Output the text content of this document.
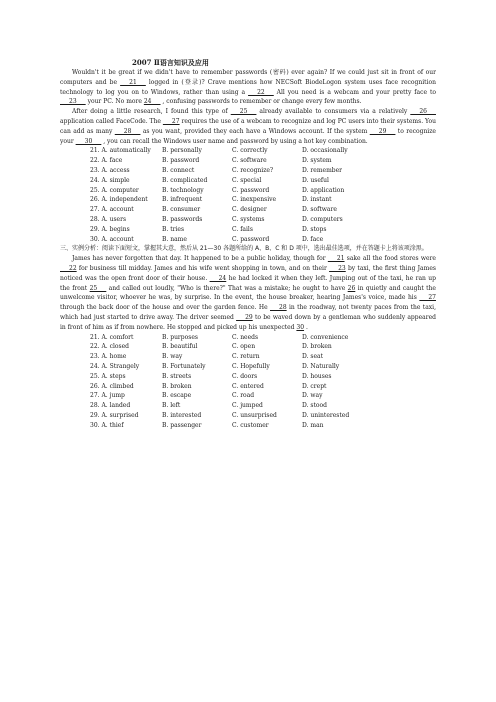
2007 Ⅱ语言知识及应用

Wouldn't it be great if we didn't have to remember passwords (密码) ever again? If we could just sit in front of our computers and be ___21___ logged in (登录)? Crave mentions how NECSoft BiodeLogon system uses face recognition technology to log you on to Windows, rather than using a ___22___ All you need is a webcam and your pretty face to ___23___ your PC. No more 24___ , confusing passwords to remember or change every few months.

After doing a little research, I found this type of ___25___ already available to consumers via a relatively ___26___ application called FaceCode. The ___27 requires the use of a webcam to recognize and log PC users into their systems. You can add as many ___28___ as you want, provided they each have a Windows account. If the system ___29___ to recognize your ___30___ , you can recall the Windows user name and password by using a hot key combination.

21. A. automatically	B. personally	C. correctly	D. occasionally
22. A. face	B. password	C. software	D. system
23. A. access	B. connect	C. recognize?	D. remember
24. A. simple	B. complicated	C. special	D. useful
25. A. computer	B. technology	C. password	D. application
26. A. independent	B. infrequent	C. inexpensive	D. instant
27. A. account	B. consumer	C. designer	D. software
28. A. users	B. passwords	C. systems	D. computers
29. A. begins	B. tries	C. fails	D. stops
30. A. account	B. name	C. password	D. face

三、实例分析：阅读下面短文，掌握其大意，然后从 21—30 各题所给的 A、B、C 和 D 项中，选出最佳选项，并在答题卡上将该项涂黑。

James has never forgotten that day. It happened to be a public holiday, though for ___21 sake all the food stores were ___22 for business till midday. James and his wife went shopping in town, and on their ___23 by taxi, the first thing James noticed was the open front door of their house. ___24 he had locked it when they left. Jumping out of the taxi, he ran up the front 25___ and called out loudly, "Who is there?" That was a mistake; he ought to have 26 in quietly and caught the unwelcome visitor, whoever he was, by surprise. In the event, the house breaker, hearing James's voice, made his ___27 through the back door of the house and over the garden fence. He ___28 in the roadway, not twenty paces from the taxi, which had just started to drive away. The driver seemed ___29 to be waved down by a gentleman who suddenly appeared in front of him as if from nowhere. He stopped and picked up his unexpected 30 .

21. A. comfort	B. purposes	C. needs	D. convenience
22. A. closed	B. beautiful	C. open	D. broken
23. A. home	B. way	C. return	D. seat
24. A. Strangely	B. Fortunately	C. Hopefully	D. Naturally
25. A. steps	B. streets	C. doors	D. houses
26. A. climbed	B. broken	C. entered	D. crept
27. A. jump	B. escape	C. road	D. way
28. A. landed	B. left	C. jumped	D. stood
29. A. surprised	B. interested	C. unsurprised	D. uninterested
30. A. thief	B. passenger	C. customer	D. man
